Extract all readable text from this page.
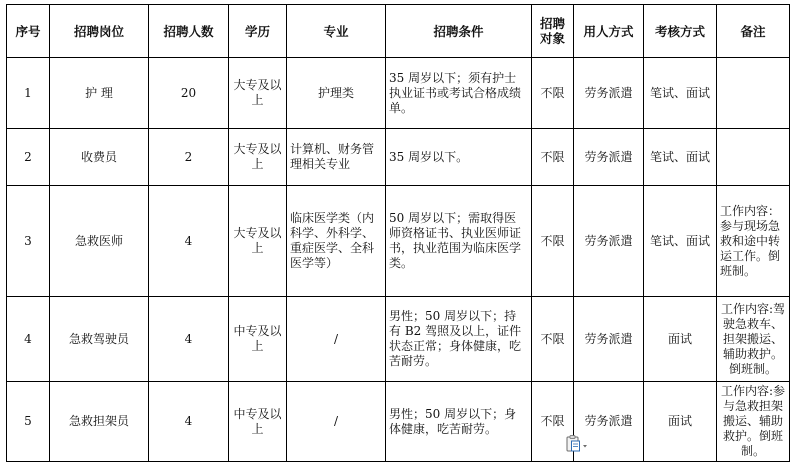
序号	招聘岗位	招聘人数	学历	专业	招聘条件	招聘对象	用人方式	考核方式	备注
1	护 理	20	大专及以上	护理类	35 周岁以下；须有护士执业证书或考试合格成绩单。	不限	劳务派遣	笔试、面试	
2	收费员	2	大专及以上	计算机、财务管理相关专业	35 周岁以下。	不限	劳务派遣	笔试、面试	
3	急救医师	4	大专及以上	临床医学类（内科学、外科学、重症医学、全科医学等）	50 周岁以下；需取得医师资格证书、执业医师证书，执业范围为临床医学类。	不限	劳务派遣	笔试、面试	工作内容：参与现场急救和途中转运工作。倒班制。
4	急救驾驶员	4	中专及以上	/	男性；50 周岁以下；持有 B2 驾照及以上，证件状态正常；身体健康，吃苦耐劳。	不限	劳务派遣	面试	工作内容:驾驶急救车、担架搬运、辅助救护。倒班制。
5	急救担架员	4	中专及以上	/	男性；50 周岁以下；身体健康，吃苦耐劳。	不限	劳务派遣	面试	工作内容:参与急救担架搬运、辅助救护。倒班制。
